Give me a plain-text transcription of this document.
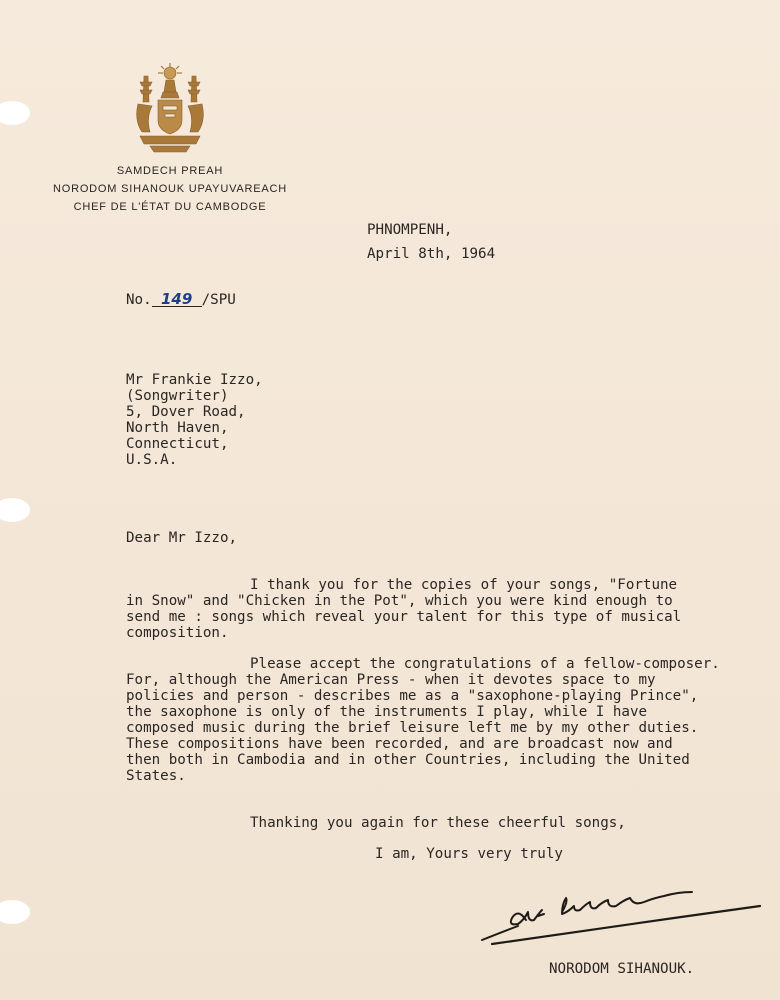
SAMDECH PREAH
NORODOM SIHANOUK UPAYUVAREACH
CHEF DE L'ÉTAT DU CAMBODGE
PHNOMPENH,
April 8th, 1964
No. 149 /SPU
Mr Frankie Izzo,
(Songwriter)
5, Dover Road,
North Haven,
Connecticut,
U.S.A.
Dear Mr Izzo,
I thank you for the copies of your songs, "Fortune
in Snow" and "Chicken in the Pot", which you were kind enough to
send me : songs which reveal your talent for this type of musical
composition.
Please accept the congratulations of a fellow-composer.
For, although the American Press - when it devotes space to my
policies and person - describes me as a "saxophone-playing Prince",
the saxophone is only of the instruments I play, while I have
composed music during the brief leisure left me by my other duties.
These compositions have been recorded, and are broadcast now and
then both in Cambodia and in other Countries, including the United
States.
Thanking you again for these cheerful songs,
I am, Yours very truly
NORODOM SIHANOUK.
